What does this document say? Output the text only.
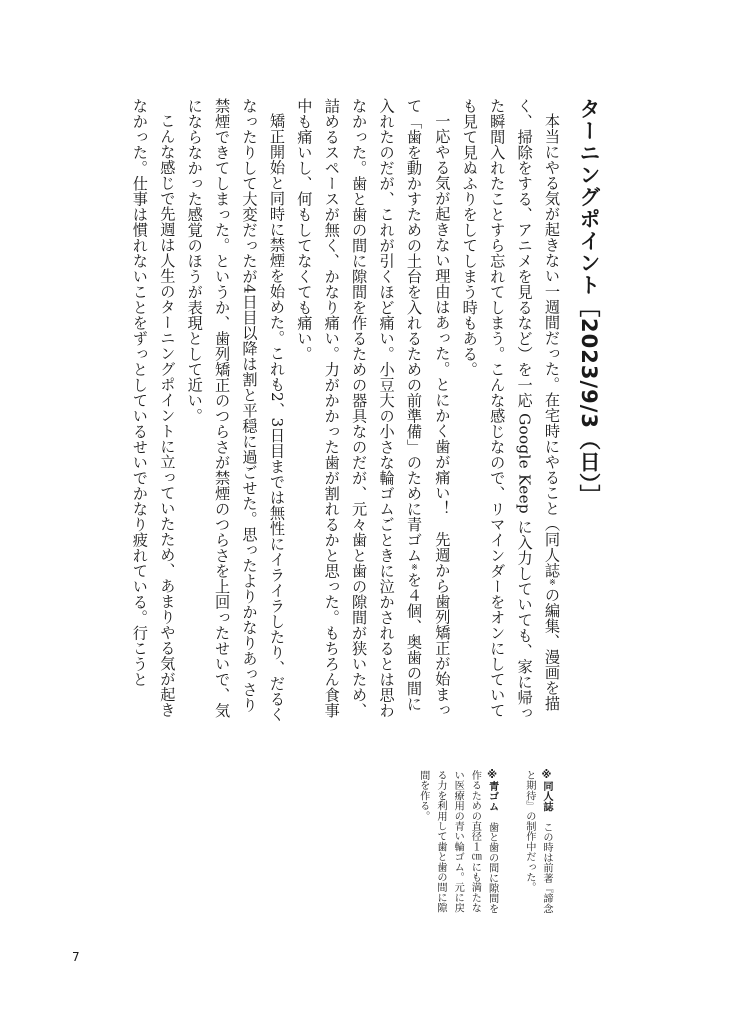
ターニングポイント［2023/9/3（日）］

本当にやる気が起きない一週間だった。在宅時にやること（同人誌※の編集、漫画を描く、掃除をする、アニメを見るなど）を一応 Google Keep に入力していても、家に帰った瞬間入れたことすら忘れてしまう。こんな感じなので、リマインダーをオンにしていても見て見ぬふりをしてしまう時もある。

一応やる気が起きない理由はあった。とにかく歯が痛い！　先週から歯列矯正が始まって「歯を動かすための土台を入れるための前準備」のために青ゴム※を４個、奥歯の間に入れたのだが、これが引くほど痛い。小豆大の小さな輪ゴムごときに泣かされるとは思わなかった。歯と歯の間に隙間を作るための器具なのだが、元々歯と歯の隙間が狭いため、詰めるスペースが無く、かなり痛い。力がかかった歯が割れるかと思った。もちろん食事中も痛いし、何もしてなくても痛い。

矯正開始と同時に禁煙を始めた。これも2、3日目までは無性にイライラしたり、だるくなったりして大変だったが4日目以降は割と平穏に過ごせた。思ったよりかなりあっさり禁煙できてしまった。というか、歯列矯正のつらさが禁煙のつらさを上回ったせいで、気にならなかった感覚のほうが表現として近い。

こんな感じで先週は人生のターニングポイントに立っていたため、あまりやる気が起きなかった。仕事は慣れないことをずっとしているせいでかなり疲れている。行こうと

※同人誌　この時は前著『諦念と期待』の制作中だった。

※青ゴム　歯と歯の間に隙間を作るための直径１㎝にも満たない医療用の青い輪ゴム。元に戻る力を利用して歯と歯の間に隙間を作る。

7
